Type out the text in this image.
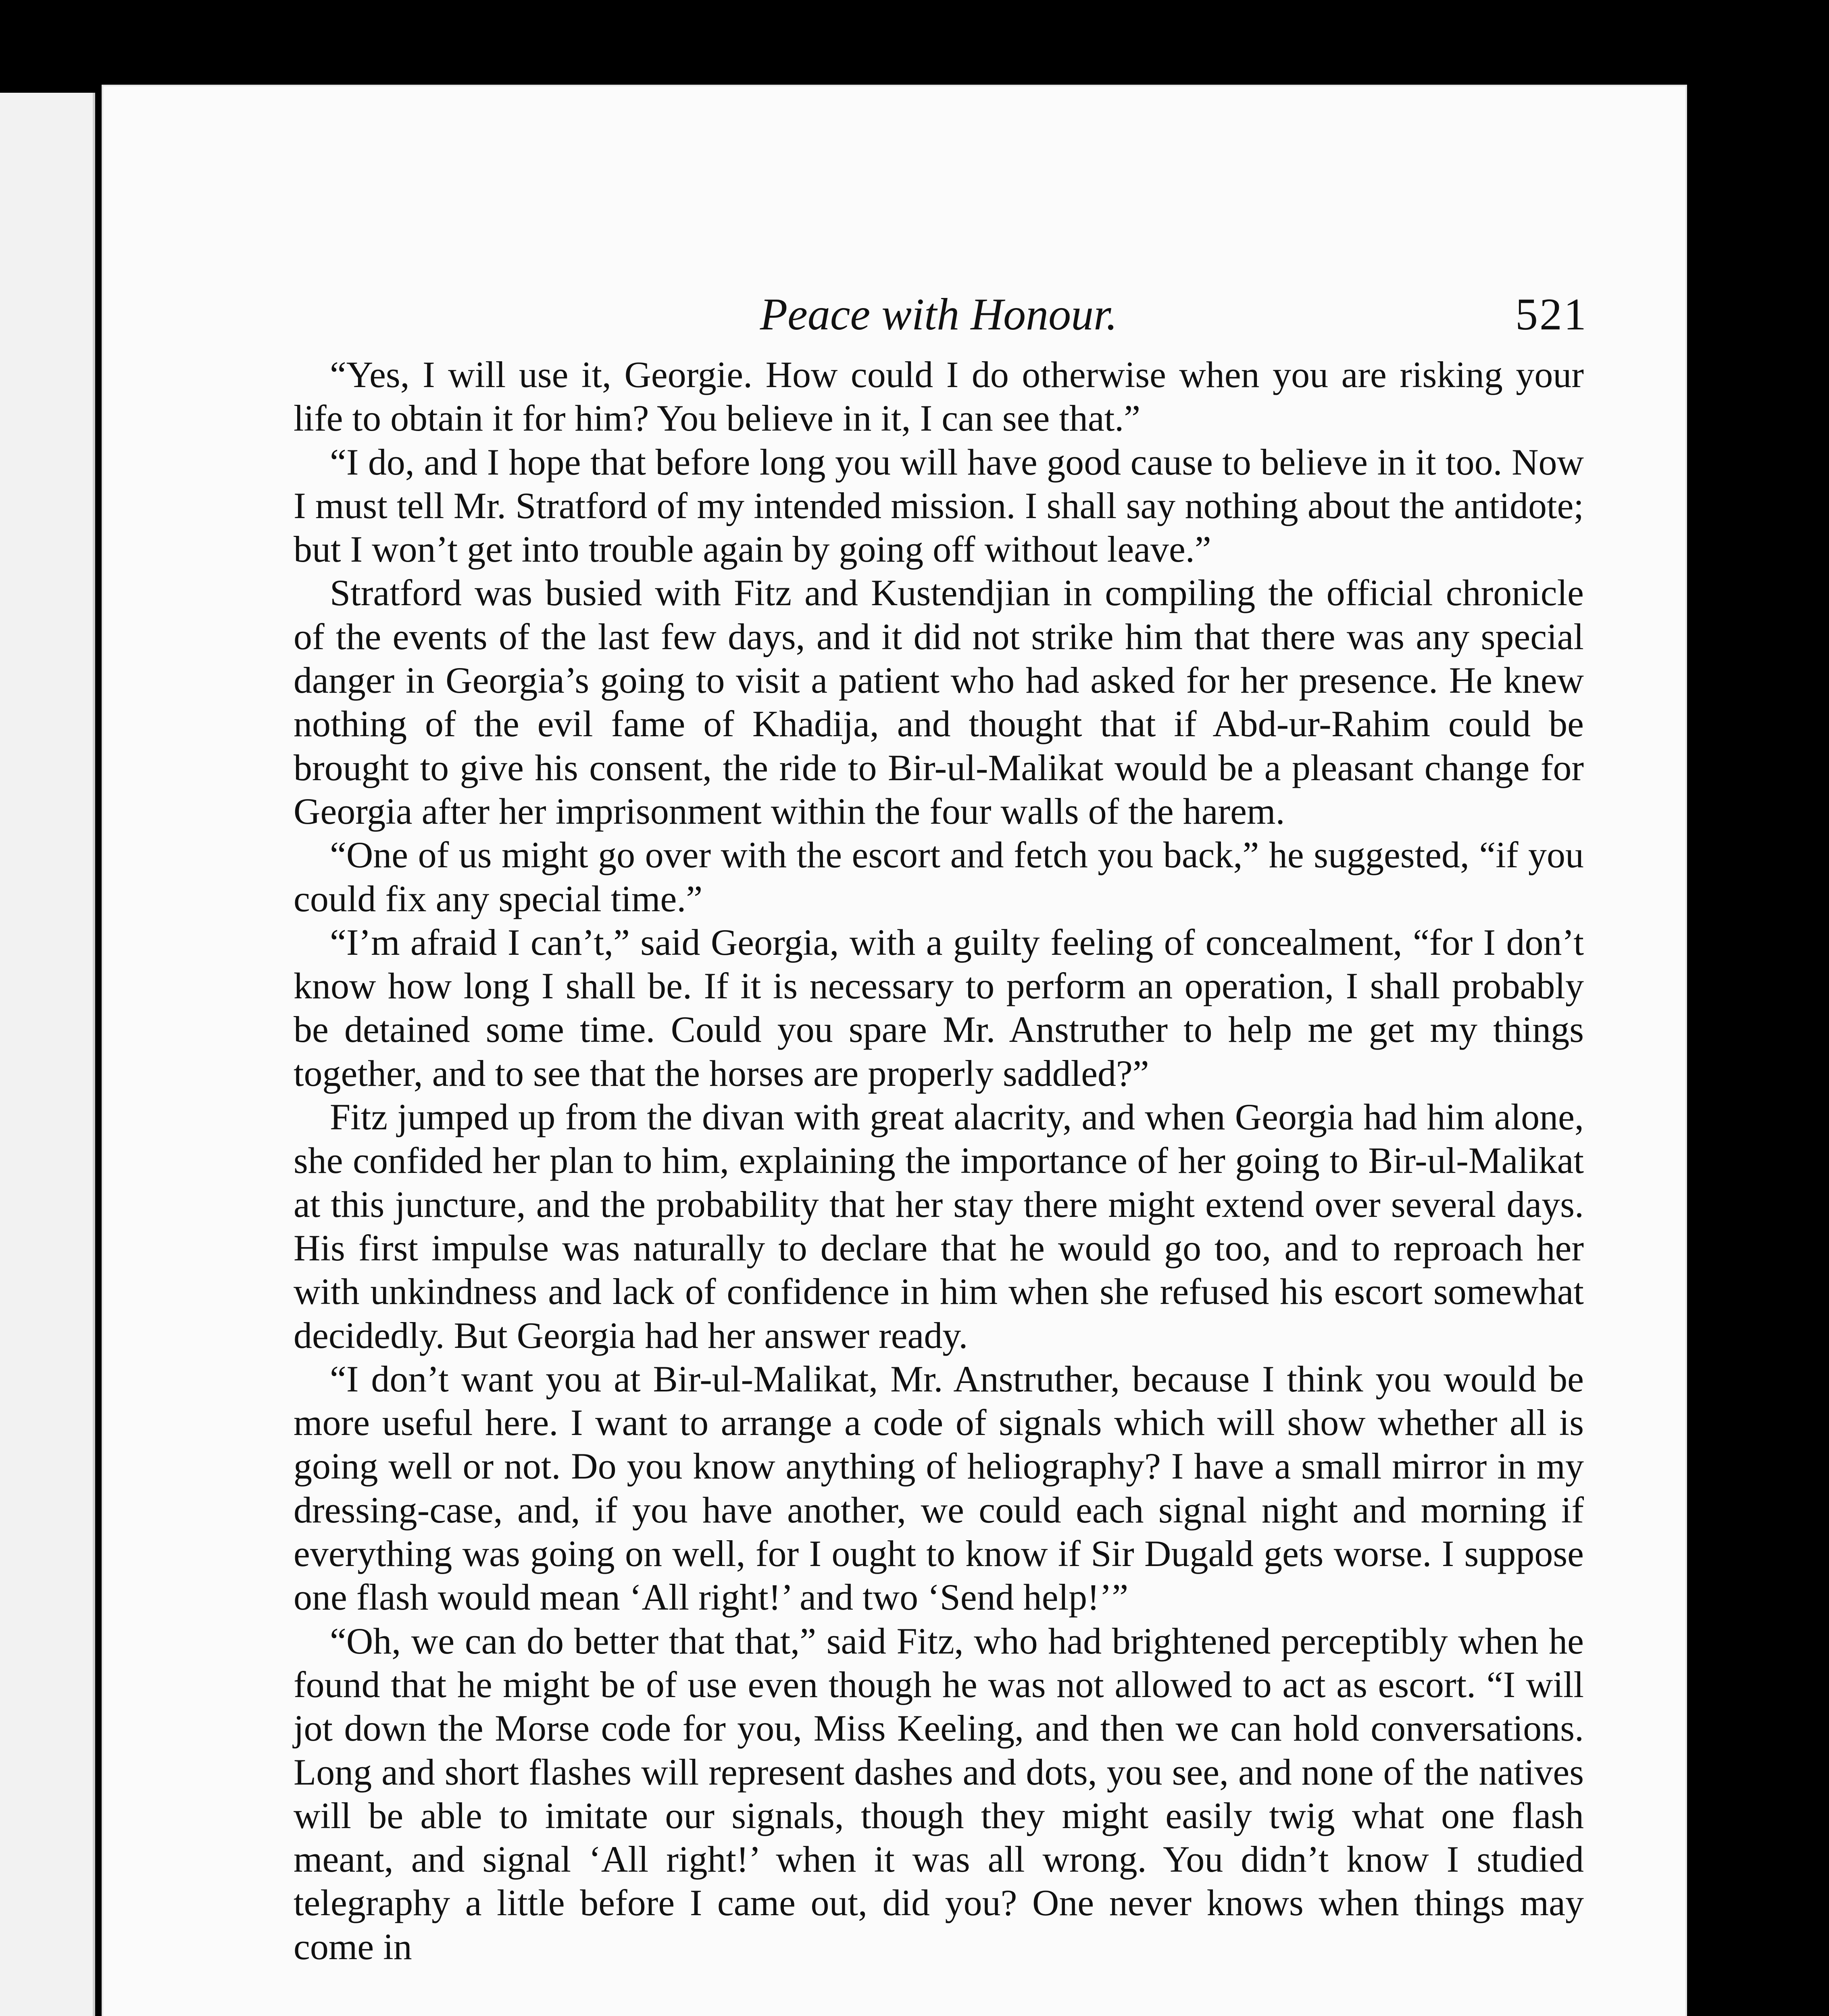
Peace with Honour.	521

“Yes, I will use it, Georgie. How could I do otherwise when you are risking your life to obtain it for him? You believe in it, I can see that.”

“I do, and I hope that before long you will have good cause to believe in it too. Now I must tell Mr. Stratford of my intended mission. I shall say nothing about the antidote; but I won’t get into trouble again by going off without leave.”

Stratford was busied with Fitz and Kustendjian in compiling the official chronicle of the events of the last few days, and it did not strike him that there was any special danger in Georgia’s going to visit a patient who had asked for her presence. He knew nothing of the evil fame of Khadija, and thought that if Abd-ur-Rahim could be brought to give his consent, the ride to Bir-ul-Malikat would be a pleasant change for Georgia after her imprisonment within the four walls of the harem.

“One of us might go over with the escort and fetch you back,” he suggested, “if you could fix any special time.”

“I’m afraid I can’t,” said Georgia, with a guilty feeling of concealment, “for I don’t know how long I shall be. If it is necessary to perform an operation, I shall probably be detained some time. Could you spare Mr. Anstruther to help me get my things together, and to see that the horses are properly saddled?”

Fitz jumped up from the divan with great alacrity, and when Georgia had him alone, she confided her plan to him, explaining the importance of her going to Bir-ul-Malikat at this juncture, and the probability that her stay there might extend over several days. His first impulse was naturally to declare that he would go too, and to reproach her with unkindness and lack of confidence in him when she refused his escort somewhat decidedly. But Georgia had her answer ready.

“I don’t want you at Bir-ul-Malikat, Mr. Anstruther, because I think you would be more useful here. I want to arrange a code of signals which will show whether all is going well or not. Do you know anything of heliography? I have a small mirror in my dressing-case, and, if you have another, we could each signal night and morning if everything was going on well, for I ought to know if Sir Dugald gets worse. I suppose one flash would mean ‘All right!’ and two ‘Send help!’”

“Oh, we can do better that that,” said Fitz, who had brightened perceptibly when he found that he might be of use even though he was not allowed to act as escort. “I will jot down the Morse code for you, Miss Keeling, and then we can hold conversations. Long and short flashes will represent dashes and dots, you see, and none of the natives will be able to imitate our signals, though they might easily twig what one flash meant, and signal ‘All right!’ when it was all wrong. You didn’t know I studied telegraphy a little before I came out, did you? One never knows when things may come in
